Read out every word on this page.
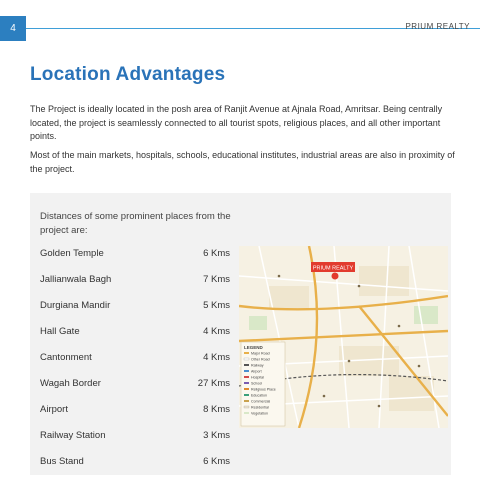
4	PRIUM REALTY
Location Advantages

The Project is ideally located in the posh area of Ranjit Avenue at Ajnala Road, Amritsar. Being centrally located, the project is seamlessly connected to all tourist spots, religious places, and all other important points.

Most of the main markets, hospitals, schools, educational institutes, industrial areas are also in proximity of the project.

Distances of some prominent places from the project are:
Golden Temple	6 Kms
Jallianwala Bagh	7 Kms
Durgiana Mandir	5 Kms
Hall Gate	4 Kms
Cantonment	4 Kms
Wagah Border	27 Kms
Airport	8 Kms
Railway Station	3 Kms
Bus Stand	6 Kms
PRIUM REALTY
LEGEND
Major Road
Other Road
Railway
Airport
Hospital
School
Religious Place
Education
Commercial
Residential
Vegetation
